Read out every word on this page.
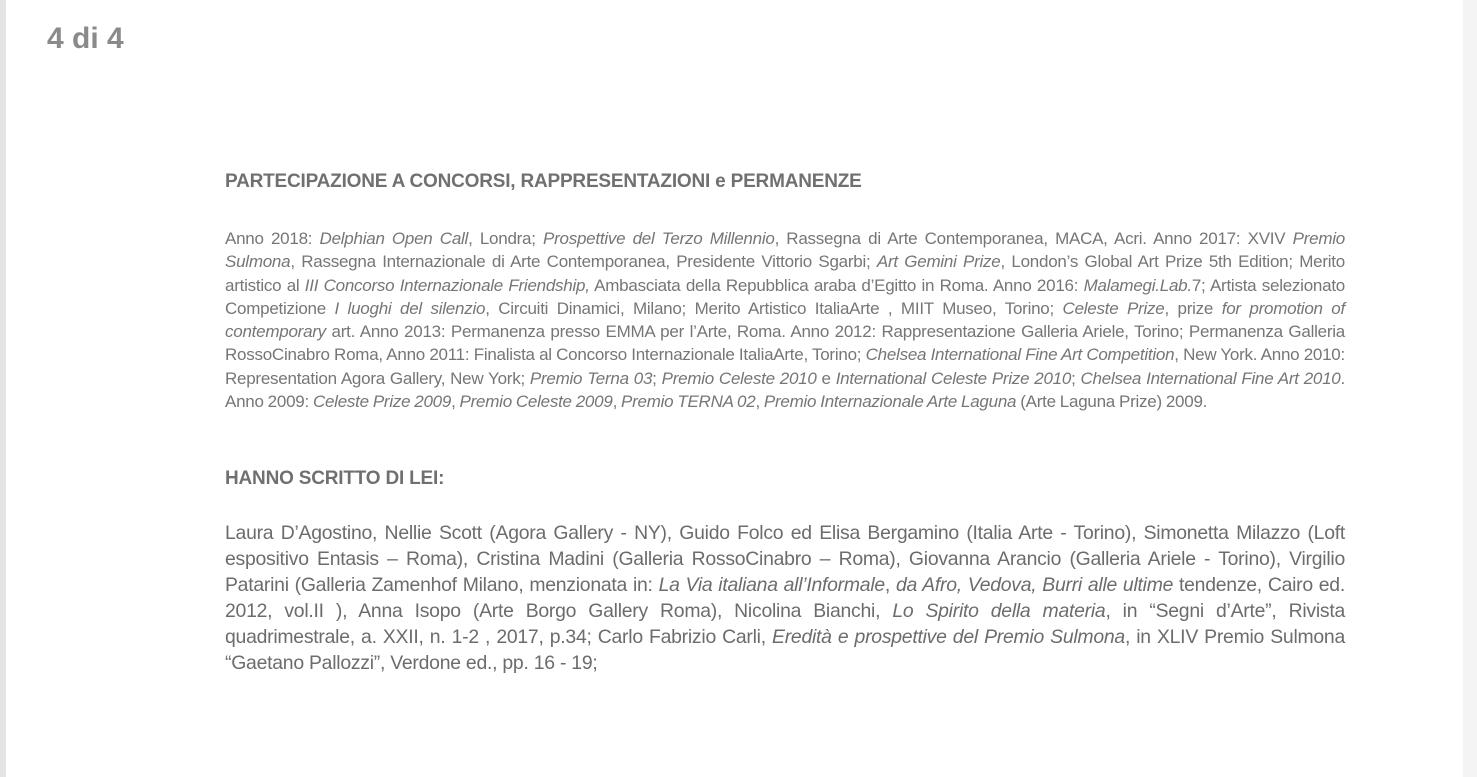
4 di 4
PARTECIPAZIONE A CONCORSI, RAPPRESENTAZIONI e PERMANENZE

Anno 2018: Delphian Open Call, Londra; Prospettive del Terzo Millennio, Rassegna di Arte Contemporanea, MACA, Acri. Anno 2017: XVIV Premio Sulmona, Rassegna Internazionale di Arte Contemporanea, Presidente Vittorio Sgarbi; Art Gemini Prize, London’s Global Art Prize 5th Edition; Merito artistico al III Concorso Internazionale Friendship, Ambasciata della Repubblica araba d’Egitto in Roma. Anno 2016: Malamegi.Lab.7; Artista selezionato Competizione I luoghi del silenzio, Circuiti Dinamici, Milano; Merito Artistico ItaliaArte , MIIT Museo, Torino; Celeste Prize, prize for promotion of contemporary art. Anno 2013: Permanenza presso EMMA per l’Arte, Roma. Anno 2012: Rappresentazione Galleria Ariele, Torino; Permanenza Galleria RossoCinabro Roma, Anno 2011: Finalista al Concorso Internazionale ItaliaArte, Torino; Chelsea International Fine Art Competition, New York. Anno 2010: Representation Agora Gallery, New York; Premio Terna 03; Premio Celeste 2010 e International Celeste Prize 2010; Chelsea International Fine Art 2010. Anno 2009: Celeste Prize 2009, Premio Celeste 2009, Premio TERNA 02, Premio Internazionale Arte Laguna (Arte Laguna Prize) 2009.

HANNO SCRITTO DI LEI:

Laura D’Agostino, Nellie Scott (Agora Gallery - NY), Guido Folco ed Elisa Bergamino (Italia Arte - Torino), Simonetta Milazzo (Loft espositivo Entasis – Roma), Cristina Madini (Galleria RossoCinabro – Roma), Giovanna Arancio (Galleria Ariele - Torino), Virgilio Patarini (Galleria Zamenhof Milano, menzionata in: La Via italiana all’Informale, da Afro, Vedova, Burri alle ultime tendenze, Cairo ed. 2012, vol.II ), Anna Isopo (Arte Borgo Gallery Roma), Nicolina Bianchi, Lo Spirito della materia, in “Segni d’Arte”, Rivista quadrimestrale, a. XXII, n. 1-2 , 2017, p.34; Carlo Fabrizio Carli, Eredità e prospettive del Premio Sulmona, in XLIV Premio Sulmona “Gaetano Pallozzi”, Verdone ed., pp. 16 - 19;
